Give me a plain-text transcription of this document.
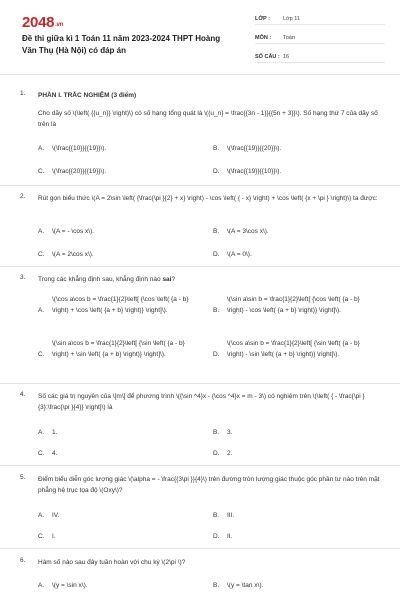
2048.vn
Đề thi giữa kì 1 Toán 11 năm 2023-2024 THPT Hoàng Văn Thụ (Hà Nội) có đáp án
LỚP :	Lớp 11
MÔN :	Toán
SỐ CÂU : 16
1. PHẦN I. TRẮC NGHIỆM (3 điểm)
Cho dãy số \(\left( {{u_n}} \right)\) có số hạng tổng quát là \({u_n} = \frac{{3n - 1}}{{5n + 3}}\). Số hạng thứ 7 của dãy số trên là
A. \(\frac{{10}}{{19}}\).	B. \(\frac{{19}}{{20}}\).
C. \(\frac{{20}}{{19}}\).	D. \(\frac{{19}}{{10}}\).
2. Rút gọn biểu thức \(A = 2\sin \left( {\frac{\pi }{2} + x} \right) - \cos \left( { - x} \right) + \cos \left( {x + \pi } \right)\) ta được:
A. \(A = - \cos x\).	B. \(A = 3\cos x\).
C. \(A = 2\cos x\).	D. \(A = 0\).
3. Trong các khẳng định sau, khẳng định nào sai?
A.
\(\cos a\cos b = \frac{1}{2}\left[ {\cos \left( {a - b} \right) + \cos \left( {a + b} \right)} \right]\).	B.
\(\sin a\sin b = \frac{1}{2}\left[ {\cos \left( {a - b} \right) - \cos \left( {a + b} \right)} \right]\).
C.
\(\sin a\cos b = \frac{1}{2}\left[ {\sin \left( {a - b} \right) + \sin \left( {a + b} \right)} \right]\).	D.
\(\cos a\sin b = \frac{1}{2}\left[ {\sin \left( {a - b} \right) - \sin \left( {a + b} \right)} \right]\).
4. Số các giá trị nguyên của \[m\] để phương trình \({\sin ^4}x - {\cos ^4}x = m - 3\) có nghiệm trên \(\left( { - \frac{\pi }{3};\frac{\pi }{4}} \right]\) là
A. 1.	B. 3.
C. 4.	D. 2.
5. Điểm biểu diễn góc lượng giác \(\alpha = - \frac{{3\pi }}{4}\) trên đường tròn lượng giác thuộc góc phần tư nào trên mặt phẳng hệ trục tọa độ \(Oxy\)?
A. IV.	B. III.
C. I.	D. II.
6. Hàm số nào sau đây tuần hoàn với chu kỳ \(2\pi \)?
A. \(y = \sin x\).	B. \(y = \tan x\).
